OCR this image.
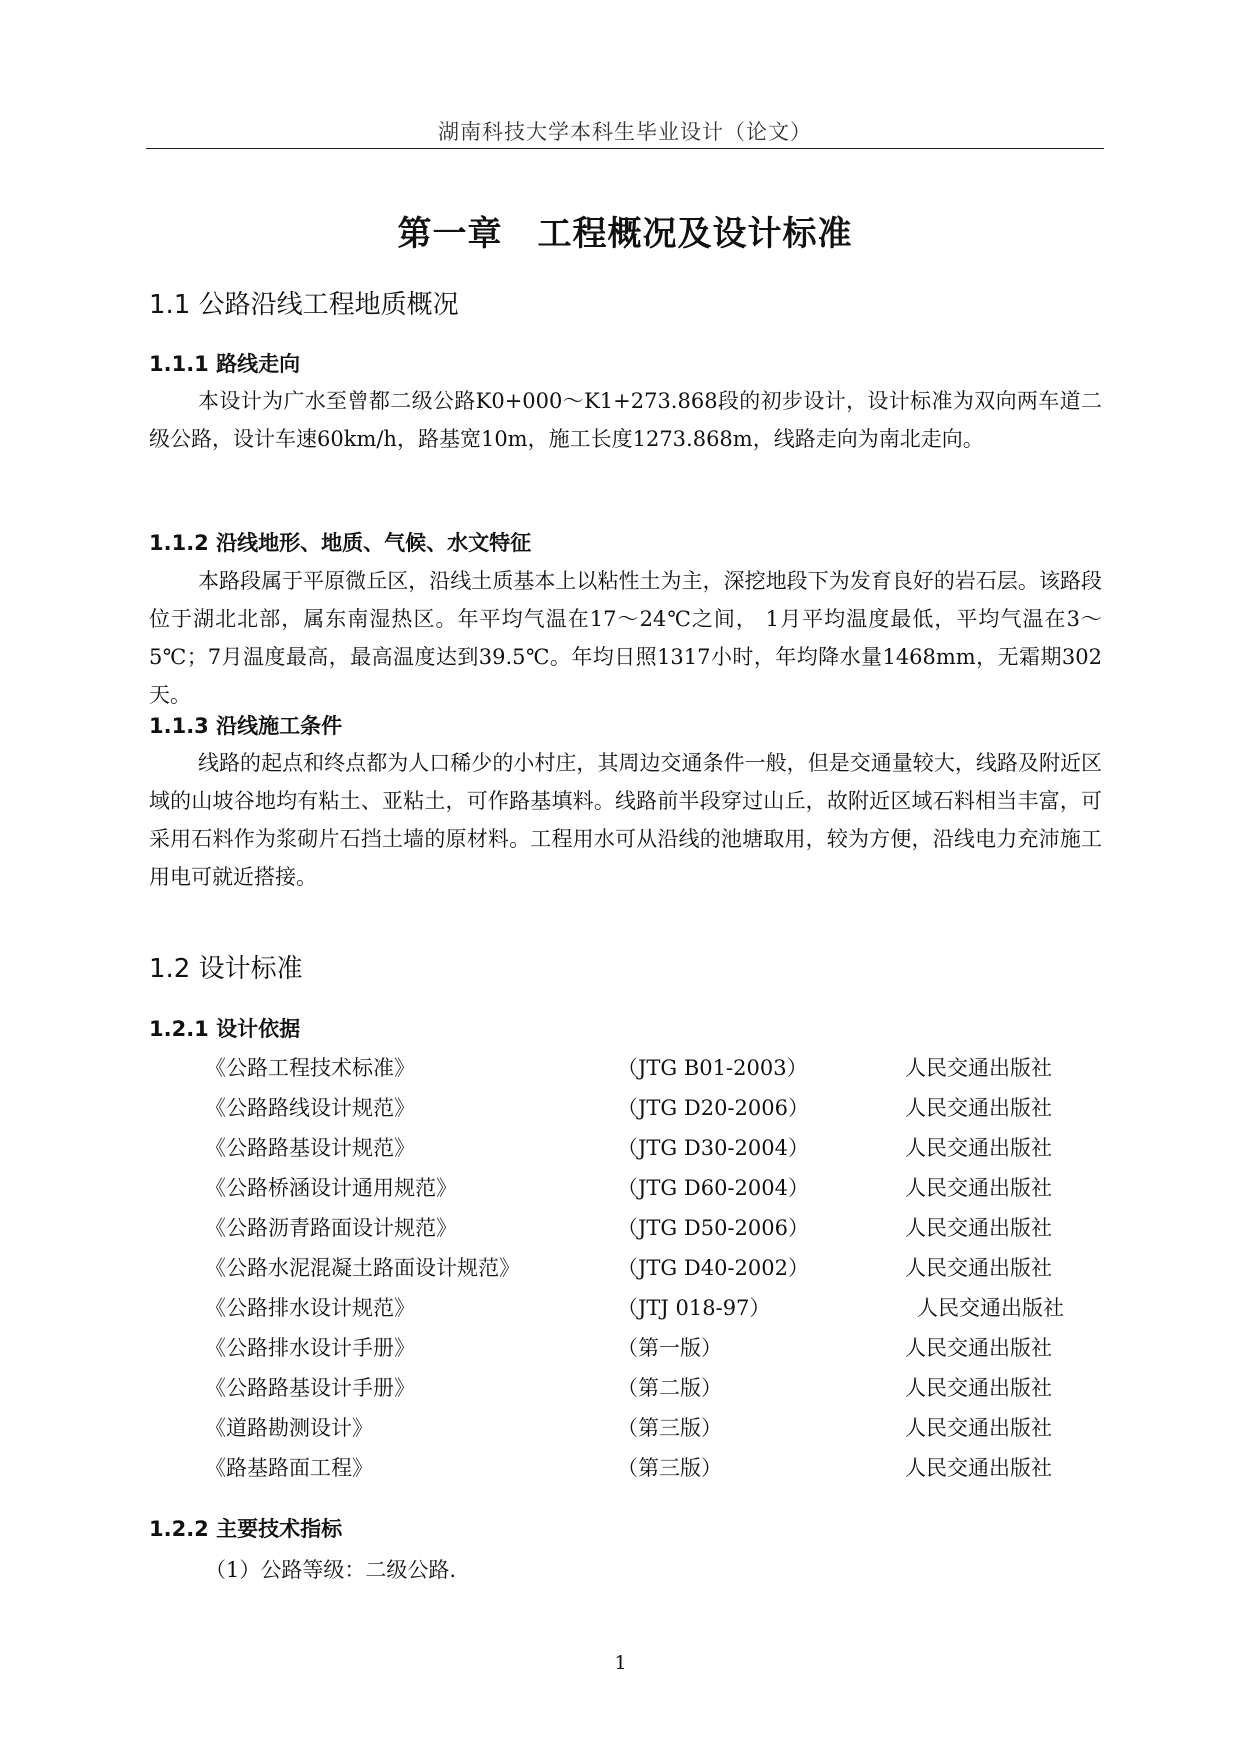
湖南科技大学本科生毕业设计（论文）
第一章　工程概况及设计标准
1.1 公路沿线工程地质概况
1.1.1 路线走向

本设计为广水至曾都二级公路K0+000～K1+273.868段的初步设计，设计标准为双向两车道二级公路，设计车速60km/h，路基宽10m，施工长度1273.868m，线路走向为南北走向。

1.1.2 沿线地形、地质、气候、水文特征

本路段属于平原微丘区，沿线土质基本上以粘性土为主，深挖地段下为发育良好的岩石层。该路段位于湖北北部，属东南湿热区。年平均气温在17～24℃之间， 1月平均温度最低，平均气温在3～5℃；7月温度最高，最高温度达到39.5℃。年均日照1317小时，年均降水量1468mm，无霜期302天。

1.1.3 沿线施工条件

线路的起点和终点都为人口稀少的小村庄，其周边交通条件一般，但是交通量较大，线路及附近区域的山坡谷地均有粘土、亚粘土，可作路基填料。线路前半段穿过山丘，故附近区域石料相当丰富，可采用石料作为浆砌片石挡土墙的原材料。工程用水可从沿线的池塘取用，较为方便，沿线电力充沛施工用电可就近搭接。

1.2 设计标准
1.2.1 设计依据
《公路工程技术标准》	（JTG B01-2003）	人民交通出版社
《公路路线设计规范》	（JTG D20-2006）	人民交通出版社
《公路路基设计规范》	（JTG D30-2004）	人民交通出版社
《公路桥涵设计通用规范》	（JTG D60-2004）	人民交通出版社
《公路沥青路面设计规范》	（JTG D50-2006）	人民交通出版社
《公路水泥混凝土路面设计规范》	（JTG D40-2002）	人民交通出版社
《公路排水设计规范》	（JTJ 018-97）	人民交通出版社
《公路排水设计手册》	（第一版）	人民交通出版社
《公路路基设计手册》	（第二版）	人民交通出版社
《道路勘测设计》	（第三版）	人民交通出版社
《路基路面工程》	（第三版）	人民交通出版社
1.2.2 主要技术指标
（1）公路等级：二级公路.
1
